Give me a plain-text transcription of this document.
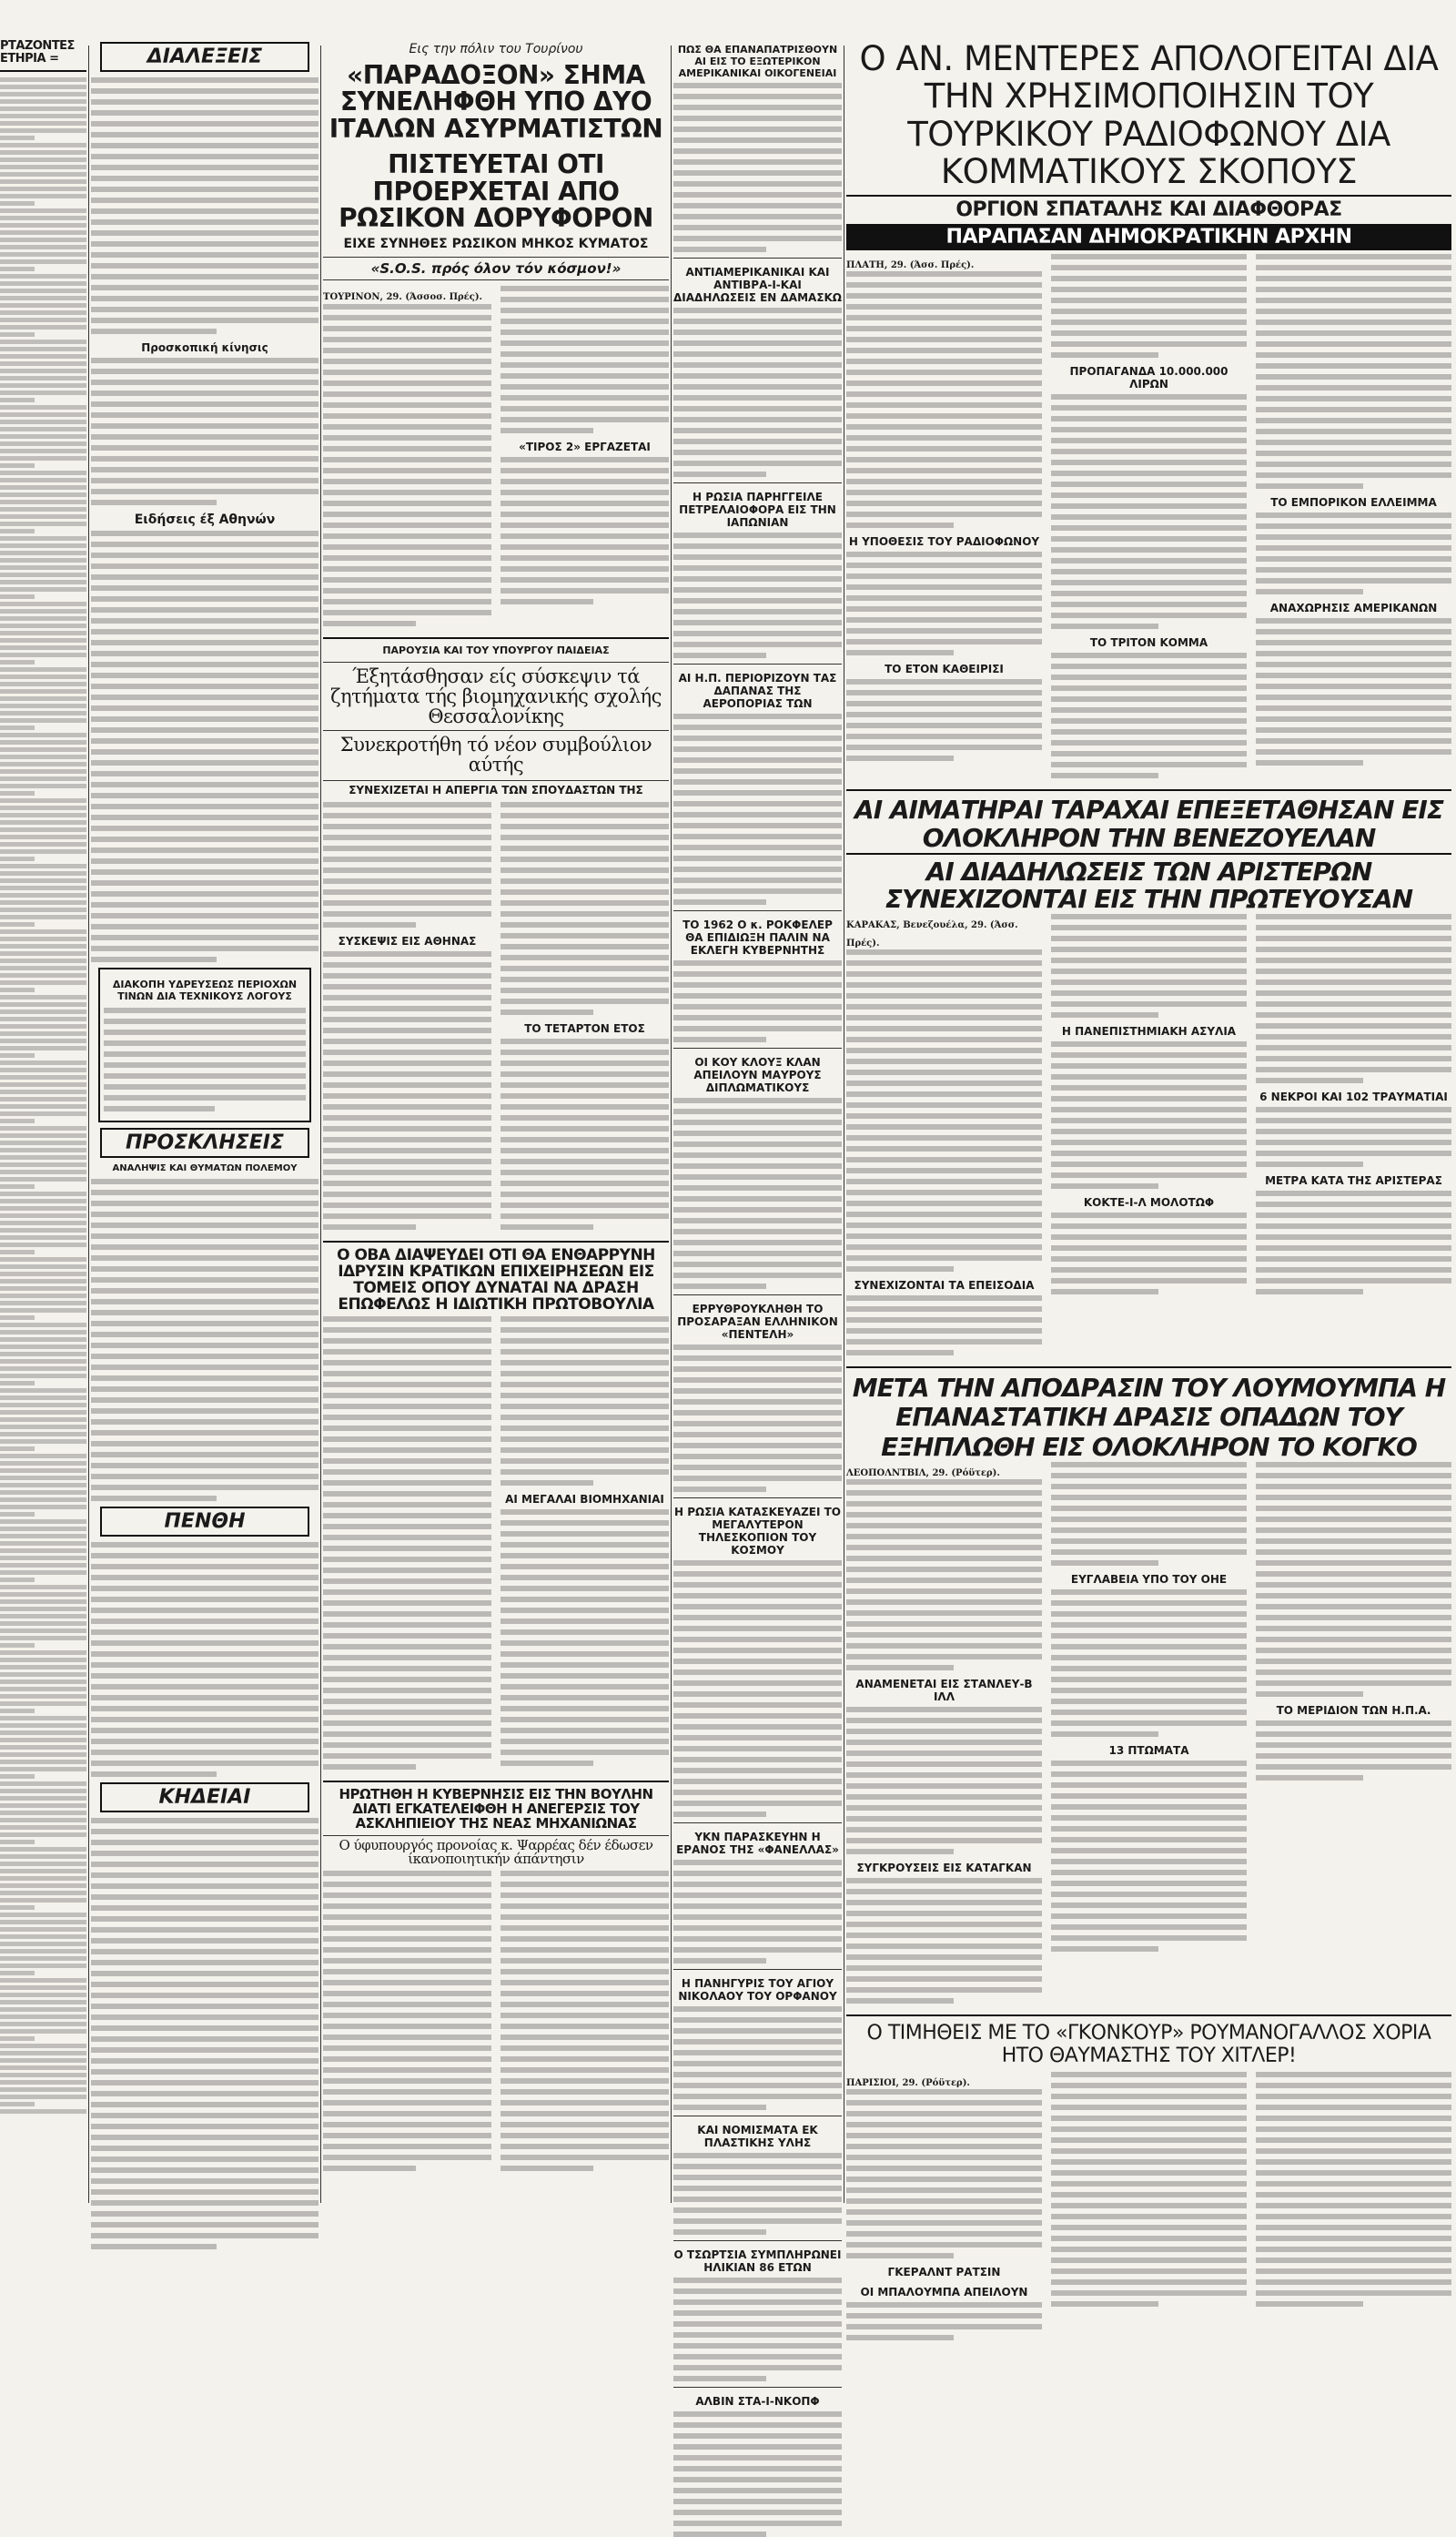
ΡΤΑΖΟΝΤΕΣ
ΕΤΗΡΙΑ =	ΔΙΑΛΕΞΕΙΣ
Προσκοπική κίνησις
Ειδήσεις έξ Αθηνών
ΔΙΑΚΟΠΗ ΥΔΡΕΥΣΕΩΣ ΠΕΡΙΟΧΩΝ ΤΙΝΩΝ ΔΙΑ ΤΕΧΝΙΚΟΥΣ ΛΟΓΟΥΣ
ΠΡΟΣΚΛΗΣΕΙΣ
ΑΝΑΛΗΨΙΣ ΚΑΙ ΘΥΜΑΤΩΝ ΠΟΛΕΜΟΥ
ΠΕΝΘΗ
ΚΗΔΕΙΑΙ
Εις την πόλιν του Τουρίνου
«ΠΑΡΑΔΟΞΟΝ» ΣΗΜΑ ΣΥΝΕΛΗΦΘΗ ΥΠΟ ΔΥΟ ΙΤΑΛΩΝ ΑΣΥΡΜΑΤΙΣΤΩΝ
ΠΙΣΤΕΥΕΤΑΙ ΟΤΙ ΠΡΟΕΡΧΕΤΑΙ ΑΠΟ ΡΩΣΙΚΟΝ ΔΟΡΥΦΟΡΟΝ
ΕΙΧΕ ΣΥΝΗΘΕΣ ΡΩΣΙΚΟΝ ΜΗΚΟΣ ΚΥΜΑΤΟΣ
«S.O.S. πρός όλον τόν κόσμον!»
ΤΟΥΡΙΝΟΝ, 29. (Άσσοσ. Πρές).
«ΤΙΡΟΣ 2» ΕΡΓΑΖΕΤΑΙ
ΠΑΡΟΥΣΙΑ ΚΑΙ ΤΟΥ ΥΠΟΥΡΓΟΥ ΠΑΙΔΕΙΑΣ
Έξητάσθησαν είς σύσκεψιν τά ζητήματα τής βιομηχανικής σχολής Θεσσαλονίκης
Συνεκροτήθη τό νέον συμβούλιον αύτής
ΣΥΝΕΧΙΖΕΤΑΙ Η ΑΠΕΡΓΙΑ ΤΩΝ ΣΠΟΥΔΑΣΤΩΝ ΤΗΣ
ΣΥΣΚΕΨΙΣ ΕΙΣ ΑΘΗΝΑΣ
ΤΟ ΤΕΤΑΡΤΟΝ ΕΤΟΣ
Ο ΟΒΑ ΔΙΑΨΕΥΔΕΙ ΟΤΙ ΘΑ ΕΝΘΑΡΡΥΝΗ ΙΔΡΥΣΙΝ ΚΡΑΤΙΚΩΝ ΕΠΙΧΕΙΡΗΣΕΩΝ ΕΙΣ ΤΟΜΕΙΣ ΟΠΟΥ ΔΥΝΑΤΑΙ ΝΑ ΔΡΑΣΗ ΕΠΩΦΕΛΩΣ Η ΙΔΙΩΤΙΚΗ ΠΡΩΤΟΒΟΥΛΙΑ
ΑΙ ΜΕΓΑΛΑΙ ΒΙΟΜΗΧΑΝΙΑΙ
ΗΡΩΤΗΘΗ Η ΚΥΒΕΡΝΗΣΙΣ ΕΙΣ ΤΗΝ ΒΟΥΛΗΝ ΔΙΑΤΙ ΕΓΚΑΤΕΛΕΙΦΘΗ Η ΑΝΕΓΕΡΣΙΣ ΤΟΥ ΑΣΚΛΗΠΙΕΙΟΥ ΤΗΣ ΝΕΑΣ ΜΗΧΑΝΙΩΝΑΣ
Ο ύφυπουργός προνοίας κ. Ψαρρέας δέν έδωσεν ίκανοποιητικήν άπάντησιν
ΠΩΣ ΘΑ ΕΠΑΝΑΠΑΤΡΙΣΘΟΥΝ ΑΙ ΕΙΣ ΤΟ ΕΞΩΤΕΡΙΚΟΝ ΑΜΕΡΙΚΑΝΙΚΑΙ ΟΙΚΟΓΕΝΕΙΑΙ
ΑΝΤΙΑΜΕΡΙΚΑΝΙΚΑΙ ΚΑΙ ΑΝΤΙΒΡΑ-Ι-ΚΑΙ ΔΙΑΔΗΛΩΣΕΙΣ ΕΝ ΔΑΜΑΣΚΩ
Η ΡΩΣΙΑ ΠΑΡΗΓΓΕΙΛΕ ΠΕΤΡΕΛΑΙΟΦΟΡΑ ΕΙΣ ΤΗΝ ΙΑΠΩΝΙΑΝ
ΑΙ Η.Π. ΠΕΡΙΟΡΙΖΟΥΝ ΤΑΣ ΔΑΠΑΝΑΣ ΤΗΣ ΑΕΡΟΠΟΡΙΑΣ ΤΩΝ
ΤΟ 1962 Ο κ. ΡΟΚΦΕΛΕΡ ΘΑ ΕΠΙΔΙΩΞΗ ΠΑΛΙΝ ΝΑ ΕΚΛΕΓΗ ΚΥΒΕΡΝΗΤΗΣ
ΟΙ ΚΟΥ ΚΛΟΥΞ ΚΛΑΝ ΑΠΕΙΛΟΥΝ ΜΑΥΡΟΥΣ ΔΙΠΛΩΜΑΤΙΚΟΥΣ
ΕΡΡΥΘΡΟΥΚΛΗΘΗ ΤΟ ΠΡΟΣΑΡΑΞΑΝ ΕΛΛΗΝΙΚΟΝ «ΠΕΝΤΕΛΗ»
Η ΡΩΣΙΑ ΚΑΤΑΣΚΕΥΑΖΕΙ ΤΟ ΜΕΓΑΛΥΤΕΡΟΝ ΤΗΛΕΣΚΟΠΙΟΝ ΤΟΥ ΚΟΣΜΟΥ
ΥΚΝ ΠΑΡΑΣΚΕΥΗΝ Η ΕΡΑΝΟΣ ΤΗΣ «ΦΑΝΕΛΛΑΣ»
Η ΠΑΝΗΓΥΡΙΣ ΤΟΥ ΑΓΙΟΥ ΝΙΚΟΛΑΟΥ ΤΟΥ ΟΡΦΑΝΟΥ
ΚΑΙ ΝΟΜΙΣΜΑΤΑ ΕΚ ΠΛΑΣΤΙΚΗΣ ΥΛΗΣ
Ο ΤΣΩΡΤΣΙΑ ΣΥΜΠΛΗΡΩΝΕΙ ΗΛΙΚΙΑΝ 86 ΕΤΩΝ
ΑΛΒΙΝ ΣΤΑ-Ι-ΝΚΟΠΦ
Ο ΑΝ. ΜΕΝΤΕΡΕΣ ΑΠΟΛΟΓΕΙΤΑΙ ΔΙΑ ΤΗΝ ΧΡΗΣΙΜΟΠΟΙΗΣΙΝ ΤΟΥ ΤΟΥΡΚΙΚΟΥ ΡΑΔΙΟΦΩΝΟΥ ΔΙΑ ΚΟΜΜΑΤΙΚΟΥΣ ΣΚΟΠΟΥΣ
ΟΡΓΙΟΝ ΣΠΑΤΑΛΗΣ ΚΑΙ ΔΙΑΦΘΟΡΑΣ
ΠΑΡΑΠΑΣΑΝ ΔΗΜΟΚΡΑΤΙΚΗΝ ΑΡΧΗΝ
ΠΛΑΤΗ, 29. (Άσσ. Πρές).
Η ΥΠΟΘΕΣΙΣ ΤΟΥ ΡΑΔΙΟΦΩΝΟΥ
ΤΟ ΕΤΟΝ ΚΑΘΕΙΡΙΣΙ
ΠΡΟΠΑΓΑΝΔΑ 10.000.000 ΛΙΡΩΝ
ΤΟ ΤΡΙΤΟΝ ΚΟΜΜΑ
ΤΟ ΕΜΠΟΡΙΚΟΝ ΕΛΛΕΙΜΜΑ
ΑΝΑΧΩΡΗΣΙΣ ΑΜΕΡΙΚΑΝΩΝ
ΑΙ ΑΙΜΑΤΗΡΑΙ ΤΑΡΑΧΑΙ ΕΠΕΞΕΤΑΘΗΣΑΝ ΕΙΣ ΟΛΟΚΛΗΡΟΝ ΤΗΝ ΒΕΝΕΖΟΥΕΛΑΝ
ΑΙ ΔΙΑΔΗΛΩΣΕΙΣ ΤΩΝ ΑΡΙΣΤΕΡΩΝ ΣΥΝΕΧΙΖΟΝΤΑΙ ΕΙΣ ΤΗΝ ΠΡΩΤΕΥΟΥΣΑΝ
ΚΑΡΑΚΑΣ, Βενεζουέλα, 29. (Άσσ. Πρές).
ΣΥΝΕΧΙΖΟΝΤΑΙ ΤΑ ΕΠΕΙΣΟΔΙΑ
Η ΠΑΝΕΠΙΣΤΗΜΙΑΚΗ ΑΣΥΛΙΑ
ΚΟΚΤΕ-Ι-Λ ΜΟΛΟΤΩΦ
6 ΝΕΚΡΟΙ ΚΑΙ 102 ΤΡΑΥΜΑΤΙΑΙ
ΜΕΤΡΑ ΚΑΤΑ ΤΗΣ ΑΡΙΣΤΕΡΑΣ
ΜΕΤΑ ΤΗΝ ΑΠΟΔΡΑΣΙΝ ΤΟΥ ΛΟΥΜΟΥΜΠΑ Η ΕΠΑΝΑΣΤΑΤΙΚΗ ΔΡΑΣΙΣ ΟΠΑΔΩΝ ΤΟΥ ΕΞΗΠΛΩΘΗ ΕΙΣ ΟΛΟΚΛΗΡΟΝ ΤΟ ΚΟΓΚΟ
ΛΕΟΠΟΛΝΤΒΙΛ, 29. (Ρόϋτερ).
ΑΝΑΜΕΝΕΤΑΙ ΕΙΣ ΣΤΑΝΛΕΥ-Β ΙΛΛ
ΣΥΓΚΡΟΥΣΕΙΣ ΕΙΣ ΚΑΤΑΓΚΑΝ
ΕΥΓΛΑΒΕΙΑ ΥΠΟ ΤΟΥ ΟΗΕ
13 ΠΤΩΜΑΤΑ
ΤΟ ΜΕΡΙΔΙΟΝ ΤΩΝ Η.Π.Α.
Ο ΤΙΜΗΘΕΙΣ ΜΕ ΤΟ «ΓΚΟΝΚΟΥΡ» ΡΟΥΜΑΝΟΓΑΛΛΟΣ ΧΟΡΙΑ ΗΤΟ ΘΑΥΜΑΣΤΗΣ ΤΟΥ ΧΙΤΛΕΡ!
ΠΑΡΙΣΙΟΙ, 29. (Ρόϋτερ).
ΓΚΕΡΑΛΝΤ ΡΑΤΣΙΝ
ΟΙ ΜΠΑΛΟΥΜΠΑ ΑΠΕΙΛΟΥΝ
